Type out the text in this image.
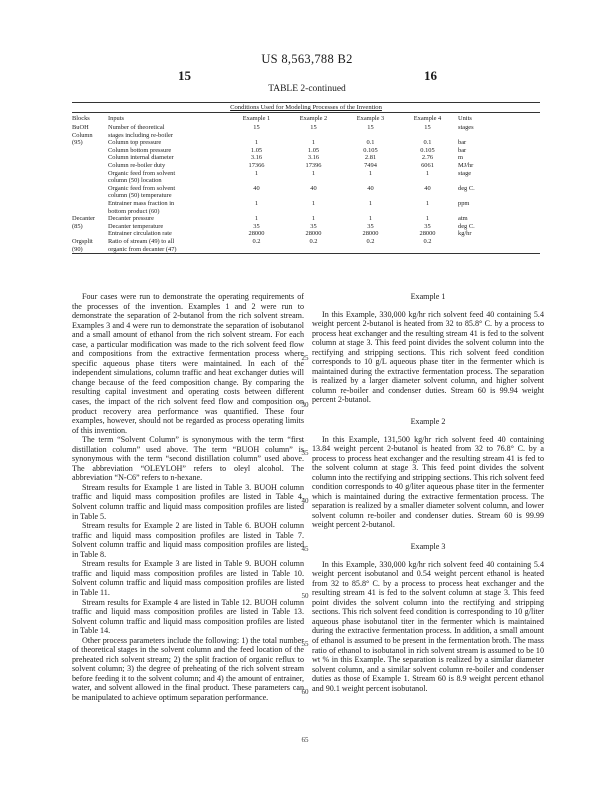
US 8,563,788 B2
15	16
TABLE 2-continued
Conditions Used for Modeling Processes of the Invention
Blocks	Inputs	Example 1	Example 2	Example 3	Example 4	Units
BuOH	Number of theoretical	15	15	15	15	stages
Column	stages including re-boiler					
(95)	Column top pressure	1	1	0.1	0.1	bar
	Column bottom pressure	1.05	1.05	0.105	0.105	bar
	Column internal diameter	3.16	3.16	2.81	2.76	m
	Column re-boiler duty	17366	17396	7494	6061	MJ/hr
	Organic feed from solvent	1	1	1	1	stage
	column (50) location					
	Organic feed from solvent	40	40	40	40	deg C.
	column (50) temperature					
	Entrainer mass fraction in	1	1	1	1	ppm
	bottom product (60)					
Decanter	Decanter pressure	1	1	1	1	atm
(85)	Decanter temperature	35	35	35	35	deg C.
	Entrainer circulation rate	28000	28000	28000	28000	kg/hr
Orgsplit	Ratio of stream (49) to all	0.2	0.2	0.2	0.2	
(90)	organic from decanter (47)					

Four cases were run to demonstrate the operating requirements of the processes of the invention. Examples 1 and 2 were run to demonstrate the separation of 2-butanol from the rich solvent stream. Examples 3 and 4 were run to demonstrate the separation of isobutanol and a small amount of ethanol from the rich solvent stream. For each case, a particular modification was made to the rich solvent feed flow and compositions from the extractive fermentation process where specific aqueous phase titers were maintained. In each of the independent simulations, column traffic and heat exchanger duties will change because of the feed composition change. By comparing the resulting capital investment and operating costs between different cases, the impact of the rich solvent feed flow and composition on product recovery area performance was quantified. These four examples, however, should not be regarded as process operating limits of this invention.

The term “Solvent Column” is synonymous with the term “first distillation column” used above. The term “BUOH column” is synonymous with the term “second distillation column” used above. The abbreviation “OLEYLOH” refers to oleyl alcohol. The abbreviation “N-C6” refers to n-hexane.

Stream results for Example 1 are listed in Table 3. BUOH column traffic and liquid mass composition profiles are listed in Table 4. Solvent column traffic and liquid mass composition profiles are listed in Table 5.

Stream results for Example 2 are listed in Table 6. BUOH column traffic and liquid mass composition profiles are listed in Table 7. Solvent column traffic and liquid mass composition profiles are listed in Table 8.

Stream results for Example 3 are listed in Table 9. BUOH column traffic and liquid mass composition profiles are listed in Table 10. Solvent column traffic and liquid mass composition profiles are listed in Table 11.

Stream results for Example 4 are listed in Table 12. BUOH column traffic and liquid mass composition profiles are listed in Table 13. Solvent column traffic and liquid mass composition profiles are listed in Table 14.

Other process parameters include the following: 1) the total number of theoretical stages in the solvent column and the feed location of the preheated rich solvent stream; 2) the split fraction of organic reflux to solvent column; 3) the degree of preheating of the rich solvent stream before feeding it to the solvent column; and 4) the amount of entrainer, water, and solvent allowed in the final product. These parameters can be manipulated to achieve optimum separation performance.

25
30
35
40
45
50
55
60
65

Example 1

In this Example, 330,000 kg/hr rich solvent feed 40 containing 5.4 weight percent 2-butanol is heated from 32 to 85.8° C. by a process to process heat exchanger and the resulting stream 41 is fed to the solvent column at stage 3. This feed point divides the solvent column into the rectifying and stripping sections. This rich solvent feed condition corresponds to 10 g/L aqueous phase titer in the fermenter which is maintained during the extractive fermentation process. The separation is realized by a larger diameter solvent column, and higher solvent column re-boiler and condenser duties. Stream 60 is 99.94 weight percent 2-butanol.

Example 2

In this Example, 131,500 kg/hr rich solvent feed 40 containing 13.84 weight percent 2-butanol is heated from 32 to 76.8° C. by a process to process heat exchanger and the resulting stream 41 is fed to the solvent column at stage 3. This feed point divides the solvent column into the rectifying and stripping sections. This rich solvent feed condition corresponds to 40 g/liter aqueous phase titer in the fermenter which is maintained during the extractive fermentation process. The separation is realized by a smaller diameter solvent column, and lower solvent column re-boiler and condenser duties. Stream 60 is 99.99 weight percent 2-butanol.

Example 3

In this Example, 330,000 kg/hr rich solvent feed 40 containing 5.4 weight percent isobutanol and 0.54 weight percent ethanol is heated from 32 to 85.8° C. by a process to process heat exchanger and the resulting stream 41 is fed to the solvent column at stage 3. This feed point divides the solvent column into the rectifying and stripping sections. This rich solvent feed condition is corresponding to 10 g/liter aqueous phase isobutanol titer in the fermenter which is maintained during the extractive fermentation process. In addition, a small amount of ethanol is assumed to be present in the fermentation broth. The mass ratio of ethanol to isobutanol in rich solvent stream is assumed to be 10 wt % in this Example. The separation is realized by a similar diameter solvent column, and a similar solvent column re-boiler and condenser duties as those of Example 1. Stream 60 is 8.9 weight percent ethanol and 90.1 weight percent isobutanol.
